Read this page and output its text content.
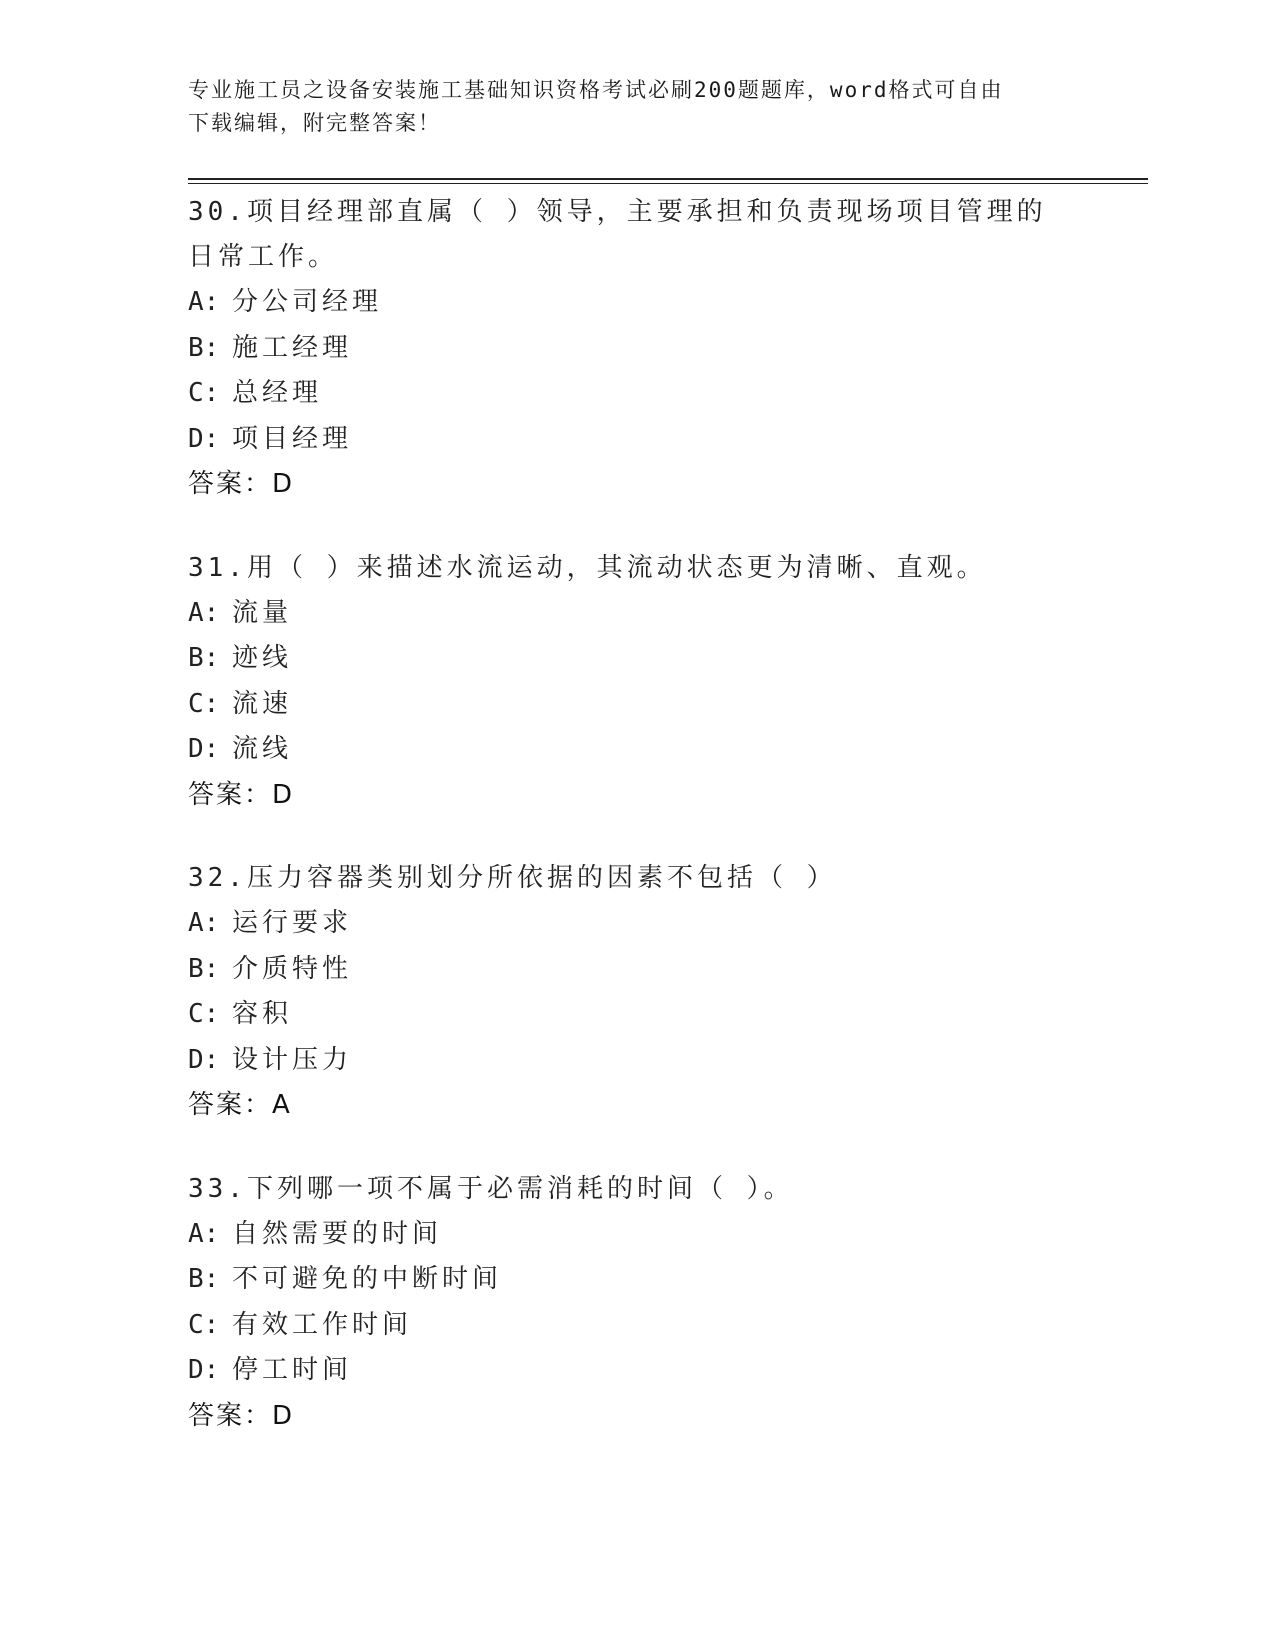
专业施工员之设备安装施工基础知识资格考试必刷200题题库，word格式可自由
下载编辑，附完整答案！

30.项目经理部直属（ ）领导，主要承担和负责现场项目管理的日常工作。

A: 分公司经理
B: 施工经理
C: 总经理
D: 项目经理

答案：D

31.用（ ）来描述水流运动，其流动状态更为清晰、直观。

A: 流量
B: 迹线
C: 流速
D: 流线

答案：D

32.压力容器类别划分所依据的因素不包括（ ）

A: 运行要求
B: 介质特性
C: 容积
D: 设计压力

答案：A

33.下列哪一项不属于必需消耗的时间（ ）。

A: 自然需要的时间
B: 不可避免的中断时间
C: 有效工作时间
D: 停工时间

答案：D
